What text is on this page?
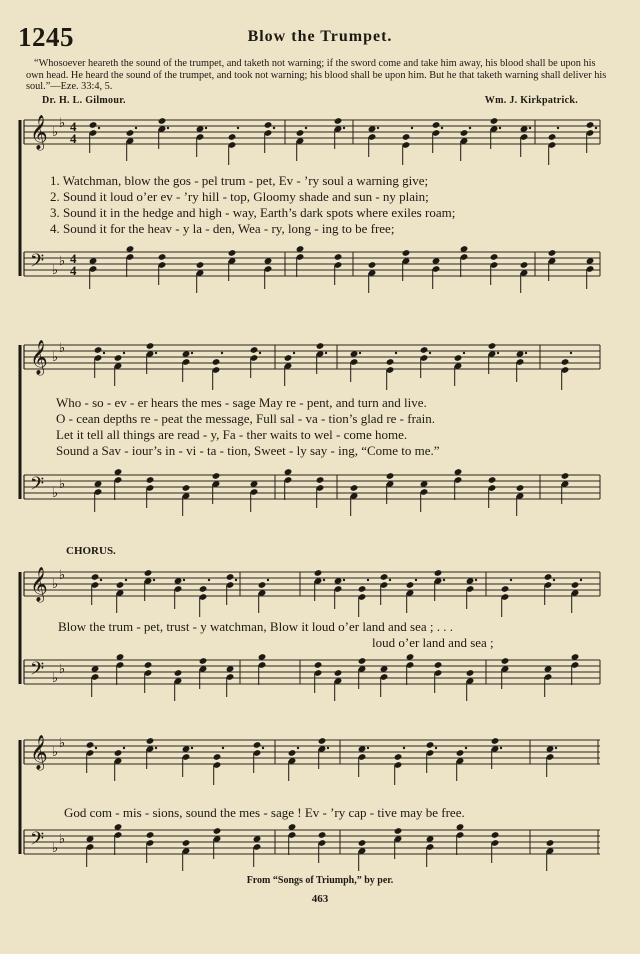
1245	Blow the Trumpet.
“Whosoever heareth the sound of the trumpet, and taketh not warning; if the sword come and take him away, his blood shall be upon his own head. He heard the sound of the trumpet, and took not warning; his blood shall be upon him. But he that taketh warning shall deliver his soul.”—Eze. 33:4, 5.
Dr. H. L. Gilmour.	Wm. J. Kirkpatrick.
𝄞 ♭
♭ 4
4
𝄢 ♭
♭ 4
4
𝄞 ♭
♭
𝄢 ♭
♭
𝄞 ♭
♭
𝄢 ♭
♭
𝄞 ♭
♭
𝄢 ♭
♭
1. Watchman, blow the gos - pel trum - pet, Ev - ’ry soul a warning give;
2. Sound it loud o’er ev - ’ry hill - top, Gloomy shade and sun - ny plain;
3. Sound it in the hedge and high - way, Earth’s dark spots where exiles roam;
4. Sound it for the heav - y la - den, Wea - ry, long - ing to be free;
Who - so - ev - er hears the mes - sage May re - pent, and turn and live.
O - cean depths re - peat the message, Full sal - va - tion’s glad re - frain.
Let it tell all things are read - y, Fa - ther waits to wel - come home.
Sound a Sav - iour’s in - vi - ta - tion, Sweet - ly say - ing, “Come to me.”
CHORUS.
Blow the trum - pet, trust - y watchman, Blow it loud o’er land and sea ; . . .
loud o’er land and sea ;
God com - mis - sions, sound the mes - sage ! Ev - ’ry cap - tive may be free.
From “Songs of Triumph,” by per.
463
